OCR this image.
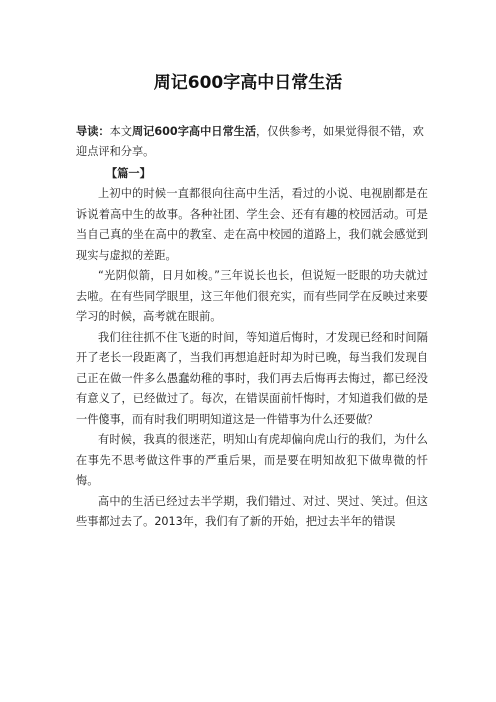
周记600字高中日常生活
导读：本文周记600字高中日常生活，仅供参考，如果觉得很不错，欢迎点评和分享。
【篇一】

上初中的时候一直都很向往高中生活，看过的小说、电视剧都是在诉说着高中生的故事。各种社团、学生会、还有有趣的校园活动。可是当自己真的坐在高中的教室、走在高中校园的道路上，我们就会感觉到现实与虚拟的差距。

“光阴似箭，日月如梭。”三年说长也长，但说短一眨眼的功夫就过去啦。在有些同学眼里，这三年他们很充实，而有些同学在反映过来要学习的时候，高考就在眼前。

我们往往抓不住飞逝的时间，等知道后悔时，才发现已经和时间隔开了老长一段距离了，当我们再想追赶时却为时已晚，每当我们发现自己正在做一件多么愚蠢幼稚的事时，我们再去后悔再去悔过，都已经没有意义了，已经做过了。每次，在错误面前忏悔时，才知道我们做的是一件傻事，而有时我们明明知道这是一件错事为什么还要做？

有时候，我真的很迷茫，明知山有虎却偏向虎山行的我们，为什么在事先不思考做这件事的严重后果，而是要在明知故犯下做卑微的忏悔。

高中的生活已经过去半学期，我们错过、对过、哭过、笑过。但这些事都过去了。2013年，我们有了新的开始，把过去半年的错误
